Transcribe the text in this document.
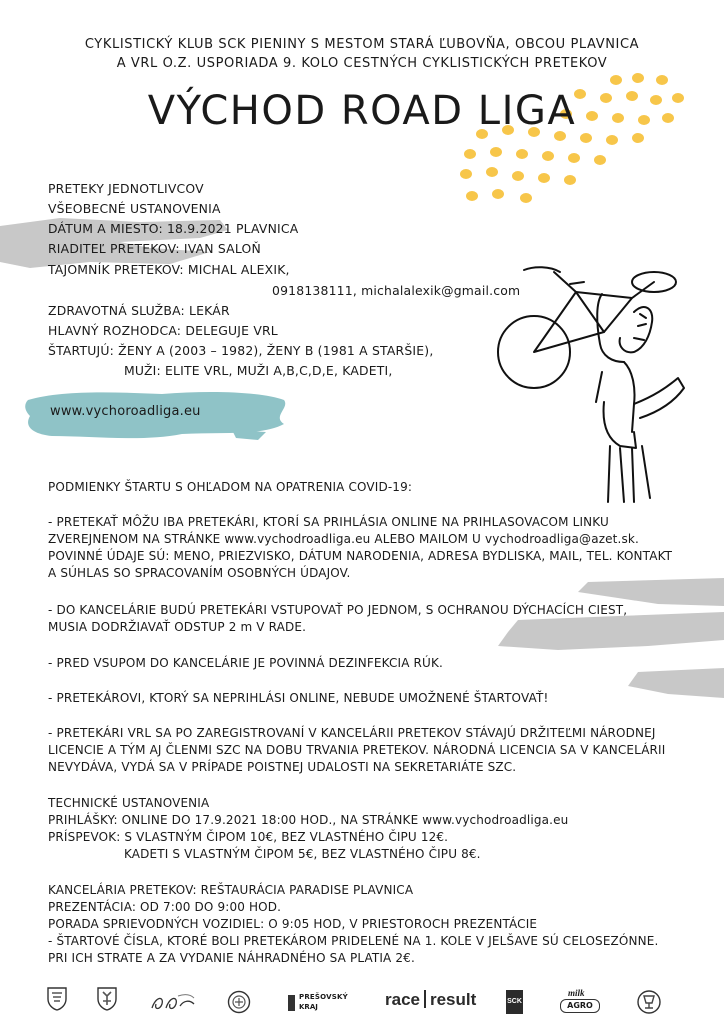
CYKLISTICKÝ KLUB SCK PIENINY S MESTOM STARÁ ĽUBOVŇA, OBCOU PLAVNICA
A VRL O.Z. USPORIADA 9. KOLO CESTNÝCH CYKLISTICKÝCH PRETEKOV
VÝCHOD ROAD LIGA
PRETEKY JEDNOTLIVCOV
VŠEOBECNÉ USTANOVENIA
DÁTUM A MIESTO: 18.9.2021 PLAVNICA
RIADITEĽ PRETEKOV: IVAN SALOŇ
TAJOMNÍK PRETEKOV: MICHAL ALEXIK,
0918138111, michalalexik@gmail.com
ZDRAVOTNÁ SLUŽBA: LEKÁR
HLAVNÝ ROZHODCA: DELEGUJE VRL
ŠTARTUJÚ: ŽENY A (2003 – 1982), ŽENY B (1981 A STARŠIE),
MUŽI: ELITE VRL, MUŽI A,B,C,D,E, KADETI,
www.vychoroadliga.eu
PODMIENKY ŠTARTU S OHĽADOM NA OPATRENIA COVID-19:
- PRETEKAŤ MÔŽU IBA PRETEKÁRI, KTORÍ SA PRIHLÁSIA ONLINE NA PRIHLASOVACOM LINKU
ZVEREJNENOM NA STRÁNKE www.vychodroadliga.eu ALEBO MAILOM U vychodroadliga@azet.sk.
POVINNÉ ÚDAJE SÚ: MENO, PRIEZVISKO, DÁTUM NARODENIA, ADRESA BYDLISKA, MAIL, TEL. KONTAKT
A SÚHLAS SO SPRACOVANÍM OSOBNÝCH ÚDAJOV.
- DO KANCELÁRIE BUDÚ PRETEKÁRI VSTUPOVAŤ PO JEDNOM, S OCHRANOU DÝCHACÍCH CIEST,
MUSIA DODRŽIAVAŤ ODSTUP 2 m V RADE.
- PRED VSUPOM DO KANCELÁRIE JE POVINNÁ DEZINFEKCIA RÚK.
- PRETEKÁROVI, KTORÝ SA NEPRIHLÁSI ONLINE, NEBUDE UMOŽNENÉ ŠTARTOVAŤ!
- PRETEKÁRI VRL SA PO ZAREGISTROVANÍ V KANCELÁRII PRETEKOV STÁVAJÚ DRŽITEĽMI NÁRODNEJ
LICENCIE A TÝM AJ ČLENMI SZC NA DOBU TRVANIA PRETEKOV. NÁRODNÁ LICENCIA SA V KANCELÁRII
NEVYDÁVA, VYDÁ SA V PRÍPADE POISTNEJ UDALOSTI NA SEKRETARIÁTE SZC.
TECHNICKÉ USTANOVENIA
PRIHLÁŠKY: ONLINE DO 17.9.2021 18:00 HOD., NA STRÁNKE www.vychodroadliga.eu
PRÍSPEVOK: S VLASTNÝM ČIPOM 10€, BEZ VLASTNÉHO ČIPU 12€.
KADETI S VLASTNÝM ČIPOM 5€, BEZ VLASTNÉHO ČIPU 8€.
KANCELÁRIA PRETEKOV: REŠTAURÁCIA PARADISE PLAVNICA
PREZENTÁCIA: OD 7:00 DO 9:00 HOD.
PORADA SPRIEVODNÝCH VOZIDIEL: O 9:05 HOD, V PRIESTOROCH PREZENTÁCIE
- ŠTARTOVÉ ČÍSLA, KTORÉ BOLI PRETEKÁROM PRIDELENÉ NA 1. KOLE V JELŠAVE SÚ CELOSEZÓNNE.
PRI ICH STRATE A ZA VYDANIE NÁHRADNÉHO SA PLATIA 2€.
PREŠOVSKÝ
KRAJ	race result	SCK
milk
AGRO
